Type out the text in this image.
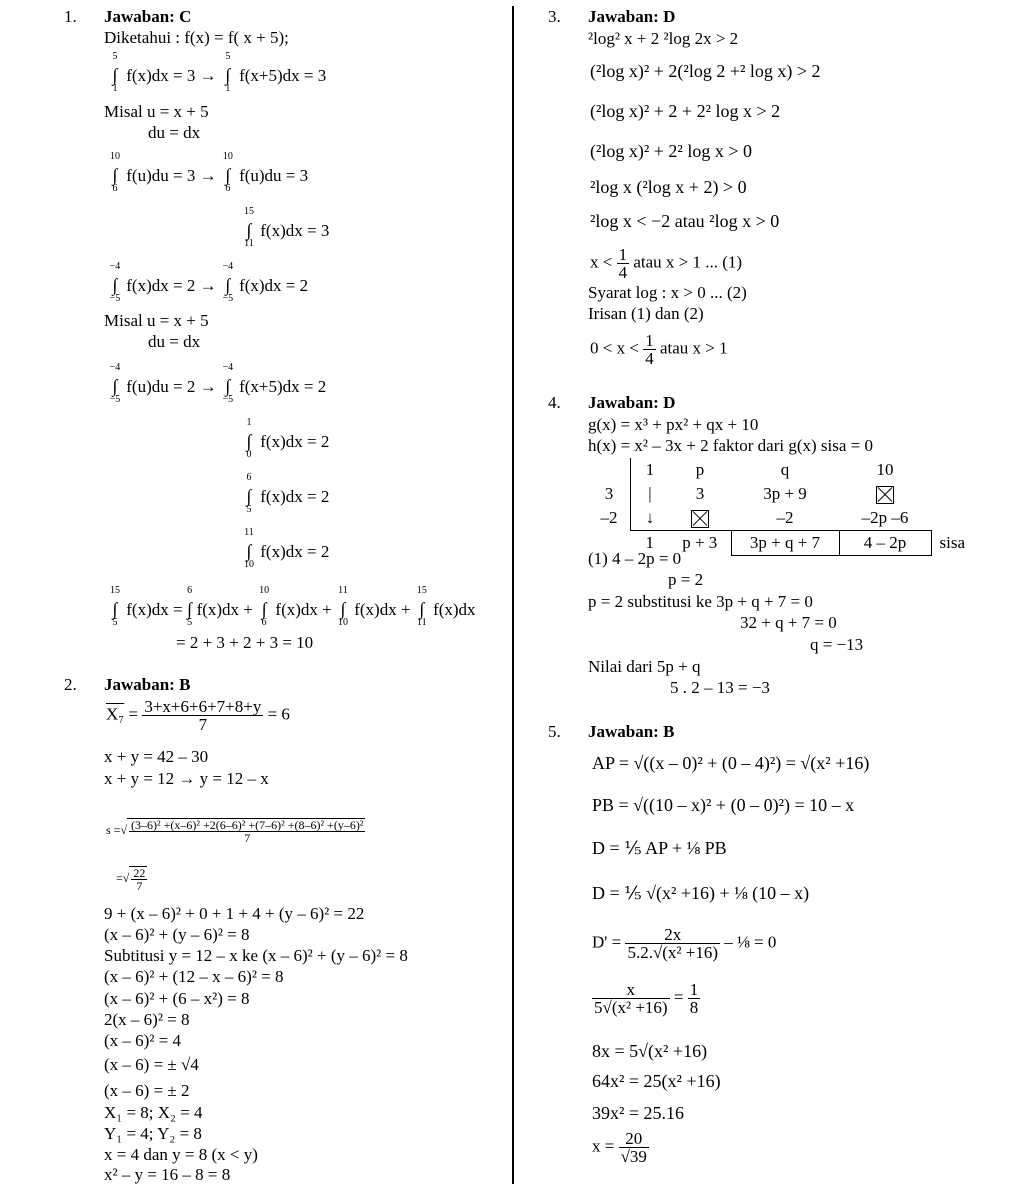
1. Jawaban: C
Diketahui : f(x) = f( x + 5);
5
∫
1
f(x)dx = 3 →
5
∫
1
f(x+5)dx = 3
Misal u = x + 5
du = dx
10
∫
6
f(u)du = 3 →
10
∫
6
f(u)du = 3
15
∫
11
f(x)dx = 3
−4
∫
−5
f(x)dx = 2 →
−4
∫
−5
f(x)dx = 2
Misal u = x + 5
du = dx
−4
∫
−5
f(u)du = 2 →
−4
∫
−5
f(x+5)dx = 2
1
∫
0
f(x)dx = 2
6
∫
5
f(x)dx = 2
11
∫
10
f(x)dx = 2
15
∫
5
f(x)dx =
6
∫
5
f(x)dx +
10
∫
6
f(x)dx +
11
∫
10
f(x)dx +
15
∫
11
f(x)dx
= 2 + 3 + 2 + 3 = 10
2. Jawaban: B
$X_7 = \frac{3+x+6+6+7+8+y}{7} = 6$
x + y = 42 – 30
x + y = 12 → y = 12 – x
s =√ $\frac{\text{(3–6)² +(x–6)² +2(6–6)² +(7–6)² +(8–6)² +(y–6)²}}{7}$
=√ $\frac{22}{7}$
9 + (x – 6)² + 0 + 1 + 4 + (y – 6)² = 22
(x – 6)² + (y – 6)² = 8
Subtitusi y = 12 – x ke (x – 6)² + (y – 6)² = 8
(x – 6)² + (12 – x – 6)² = 8
(x – 6)² + (6 – x²) = 8
2(x – 6)² = 8
(x – 6)² = 4
(x – 6) = ± √4
(x – 6) = ± 2
X₁ = 8; X₂ = 4
Y₁ = 4; Y₂ = 8
x = 4 dan y = 8 (x < y)
x² – y = 16 – 8 = 8
3. Jawaban: D
²log² x + 2 ²log 2x > 2
(²log x)² + 2(²log 2 +² log x) > 2
(²log x)² + 2 + 2² log x > 2
(²log x)² + 2² log x > 0
²log x (²log x + 2) > 0
²log x < −2 atau ²log x > 0
$x < \frac{1}{4}$ atau x > 1 ... (1)
Syarat log : x > 0 ... (2)
Irisan (1) dan (2)
$0 < x < \frac{1}{4}$ atau x > 1
4. Jawaban: D
g(x) = x³ + px² + qx + 10
h(x) = x² – 3x + 2 faktor dari g(x) sisa = 0
	1	p	q	10	
3	|	3	3p + 9		
–2	↓		–2	–2p –6	
	1	p + 3	3p + q + 7	4 – 2p	sisa
(1) 4 – 2p = 0
p = 2
p = 2 substitusi ke 3p + q + 7 = 0
32 + q + 7 = 0
q = −13
Nilai dari 5p + q
5 . 2 – 13 = −3
5. Jawaban: B
AP = √((x – 0)² + (0 – 4)²) = √(x² +16)
PB = √((10 – x)² + (0 – 0)²) = 10 – x
D = ⅕ AP + ⅛ PB
D = ⅕ √(x² +16) + ⅛ (10 – x)
$D' = \frac{2x}{\text{5.2.√(x² +16)}}$ – ⅛ = 0
$\frac{x}{\text{5√(x² +16)}} = \frac{1}{8}$
8x = 5√(x² +16)
64x² = 25(x² +16)
39x² = 25.16
$x = \frac{20}{√39}$
